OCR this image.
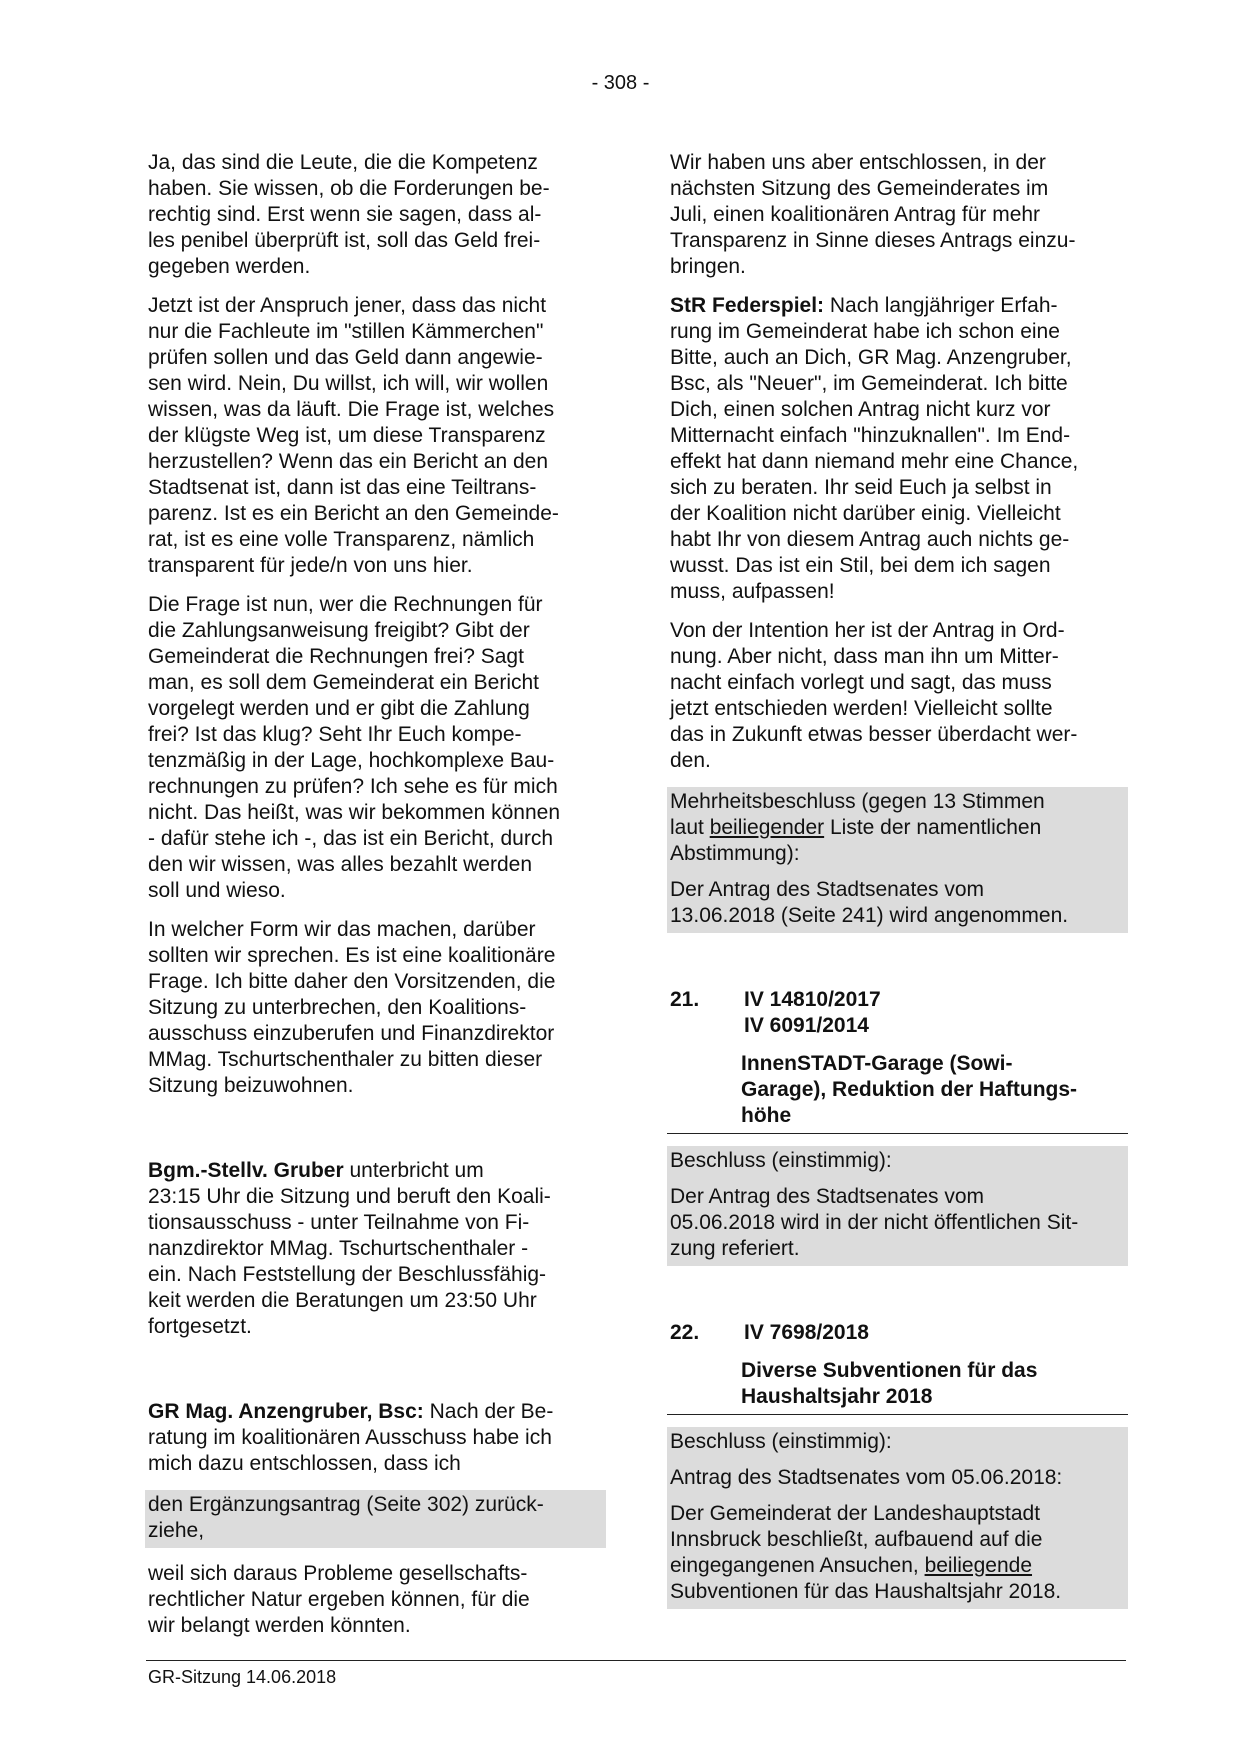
- 308 -

Ja, das sind die Leute, die die Kompetenz
haben. Sie wissen, ob die Forderungen be-
rechtig sind. Erst wenn sie sagen, dass al-
les penibel überprüft ist, soll das Geld frei-
gegeben werden.

Jetzt ist der Anspruch jener, dass das nicht
nur die Fachleute im "stillen Kämmerchen"
prüfen sollen und das Geld dann angewie-
sen wird. Nein, Du willst, ich will, wir wollen
wissen, was da läuft. Die Frage ist, welches
der klügste Weg ist, um diese Transparenz
herzustellen? Wenn das ein Bericht an den
Stadtsenat ist, dann ist das eine Teiltrans-
parenz. Ist es ein Bericht an den Gemeinde-
rat, ist es eine volle Transparenz, nämlich
transparent für jede/n von uns hier.

Die Frage ist nun, wer die Rechnungen für
die Zahlungsanweisung freigibt? Gibt der
Gemeinderat die Rechnungen frei? Sagt
man, es soll dem Gemeinderat ein Bericht
vorgelegt werden und er gibt die Zahlung
frei? Ist das klug? Seht Ihr Euch kompe-
tenzmäßig in der Lage, hochkomplexe Bau-
rechnungen zu prüfen? Ich sehe es für mich
nicht. Das heißt, was wir bekommen können
- dafür stehe ich -, das ist ein Bericht, durch
den wir wissen, was alles bezahlt werden
soll und wieso.

In welcher Form wir das machen, darüber
sollten wir sprechen. Es ist eine koalitionäre
Frage. Ich bitte daher den Vorsitzenden, die
Sitzung zu unterbrechen, den Koalitions-
ausschuss einzuberufen und Finanzdirektor
MMag. Tschurtschenthaler zu bitten dieser
Sitzung beizuwohnen.

Bgm.-Stellv. Gruber unterbricht um
23:15 Uhr die Sitzung und beruft den Koali-
tionsausschuss - unter Teilnahme von Fi-
nanzdirektor MMag. Tschurtschenthaler -
ein. Nach Feststellung der Beschlussfähig-
keit werden die Beratungen um 23:50 Uhr
fortgesetzt.

GR Mag. Anzengruber, Bsc: Nach der Be-
ratung im koalitionären Ausschuss habe ich
mich dazu entschlossen, dass ich

den Ergänzungsantrag (Seite 302) zurück-
ziehe,

weil sich daraus Probleme gesellschafts-
rechtlicher Natur ergeben können, für die
wir belangt werden könnten.

Wir haben uns aber entschlossen, in der
nächsten Sitzung des Gemeinderates im
Juli, einen koalitionären Antrag für mehr
Transparenz in Sinne dieses Antrags einzu-
bringen.

StR Federspiel: Nach langjähriger Erfah-
rung im Gemeinderat habe ich schon eine
Bitte, auch an Dich, GR Mag. Anzengruber,
Bsc, als "Neuer", im Gemeinderat. Ich bitte
Dich, einen solchen Antrag nicht kurz vor
Mitternacht einfach "hinzuknallen". Im End-
effekt hat dann niemand mehr eine Chance,
sich zu beraten. Ihr seid Euch ja selbst in
der Koalition nicht darüber einig. Vielleicht
habt Ihr von diesem Antrag auch nichts ge-
wusst. Das ist ein Stil, bei dem ich sagen
muss, aufpassen!

Von der Intention her ist der Antrag in Ord-
nung. Aber nicht, dass man ihn um Mitter-
nacht einfach vorlegt und sagt, das muss
jetzt entschieden werden! Vielleicht sollte
das in Zukunft etwas besser überdacht wer-
den.

Mehrheitsbeschluss (gegen 13 Stimmen
laut beiliegender Liste der namentlichen
Abstimmung):

Der Antrag des Stadtsenates vom
13.06.2018 (Seite 241) wird angenommen.

21.	IV 14810/2017
IV 6091/2014
InnenSTADT-Garage (Sowi-
Garage), Reduktion der Haftungs-
höhe

Beschluss (einstimmig):

Der Antrag des Stadtsenates vom
05.06.2018 wird in der nicht öffentlichen Sit-
zung referiert.

22.	IV 7698/2018
Diverse Subventionen für das
Haushaltsjahr 2018

Beschluss (einstimmig):

Antrag des Stadtsenates vom 05.06.2018:

Der Gemeinderat der Landeshauptstadt
Innsbruck beschließt, aufbauend auf die
eingegangenen Ansuchen, beiliegende
Subventionen für das Haushaltsjahr 2018.

GR-Sitzung 14.06.2018
